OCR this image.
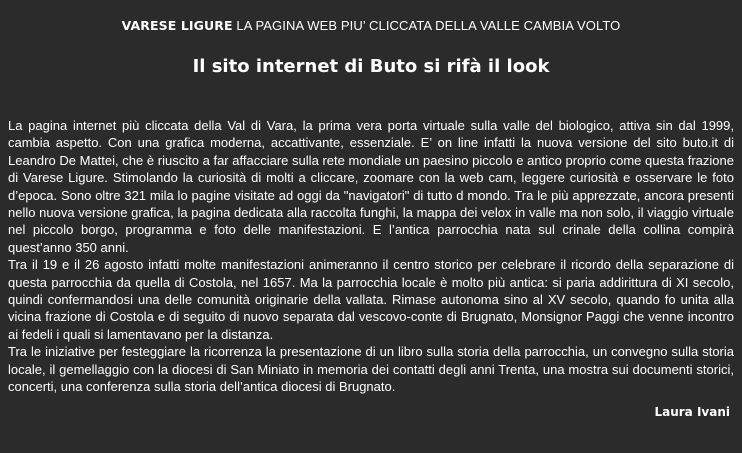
VARESE LIGURE LA PAGINA WEB PIU’ CLICCATA DELLA VALLE CAMBIA VOLTO
Il sito internet di Buto si rifà il look

La pagina internet più cliccata della Val di Vara, la prima vera porta virtuale sulla valle del biologico, attiva sin dal 1999, cambia aspetto. Con una grafica moderna, accattivante, essenziale. E’ on line infatti la nuova versione del sito buto.it di Leandro De Mattei, che è riuscito a far affacciare sulla rete mondiale un paesino piccolo e antico proprio come questa frazione di Varese Ligure. Stimolando la curiosità di molti a cliccare, zoomare con la web cam, leggere curiosità e osservare le foto d’epoca. Sono oltre 321 mila lo pagine visitate ad oggi da "navigatori" di tutto d mondo. Tra le più apprezzate, ancora presenti nello nuova versione grafica, la pagina dedicata alla raccolta funghi, la mappa dei velox in valle ma non solo, il viaggio virtuale nel piccolo borgo, programma e foto delle manifestazioni. E l’antica parrocchia nata sul crinale della collina compirà quest’anno 350 anni.

Tra il 19 e il 26 agosto infatti molte manifestazioni animeranno il centro storico per celebrare il ricordo della separazione di questa parrocchia da quella di Costola, nel 1657. Ma la parrocchia locale è molto più antica: si paria addirittura di XI secolo, quindi confermandosi una delle comunità originarie della vallata. Rimase autonoma sino al XV secolo, quando fo unita alla vicina frazione di Costola e di seguito di nuovo separata dal vescovo-conte di Brugnato, Monsignor Paggi che venne incontro ai fedeli i quali si lamentavano per la distanza.

Tra le iniziative per festeggiare la ricorrenza la presentazione di un libro sulla storia della parrocchia, un convegno sulla storia locale, il gemellaggio con la diocesi di San Miniato in memoria dei contatti degli anni Trenta, una mostra sui documenti storici, concerti, una conferenza sulla storia dell’antica diocesi di Brugnato.

Laura Ivani
